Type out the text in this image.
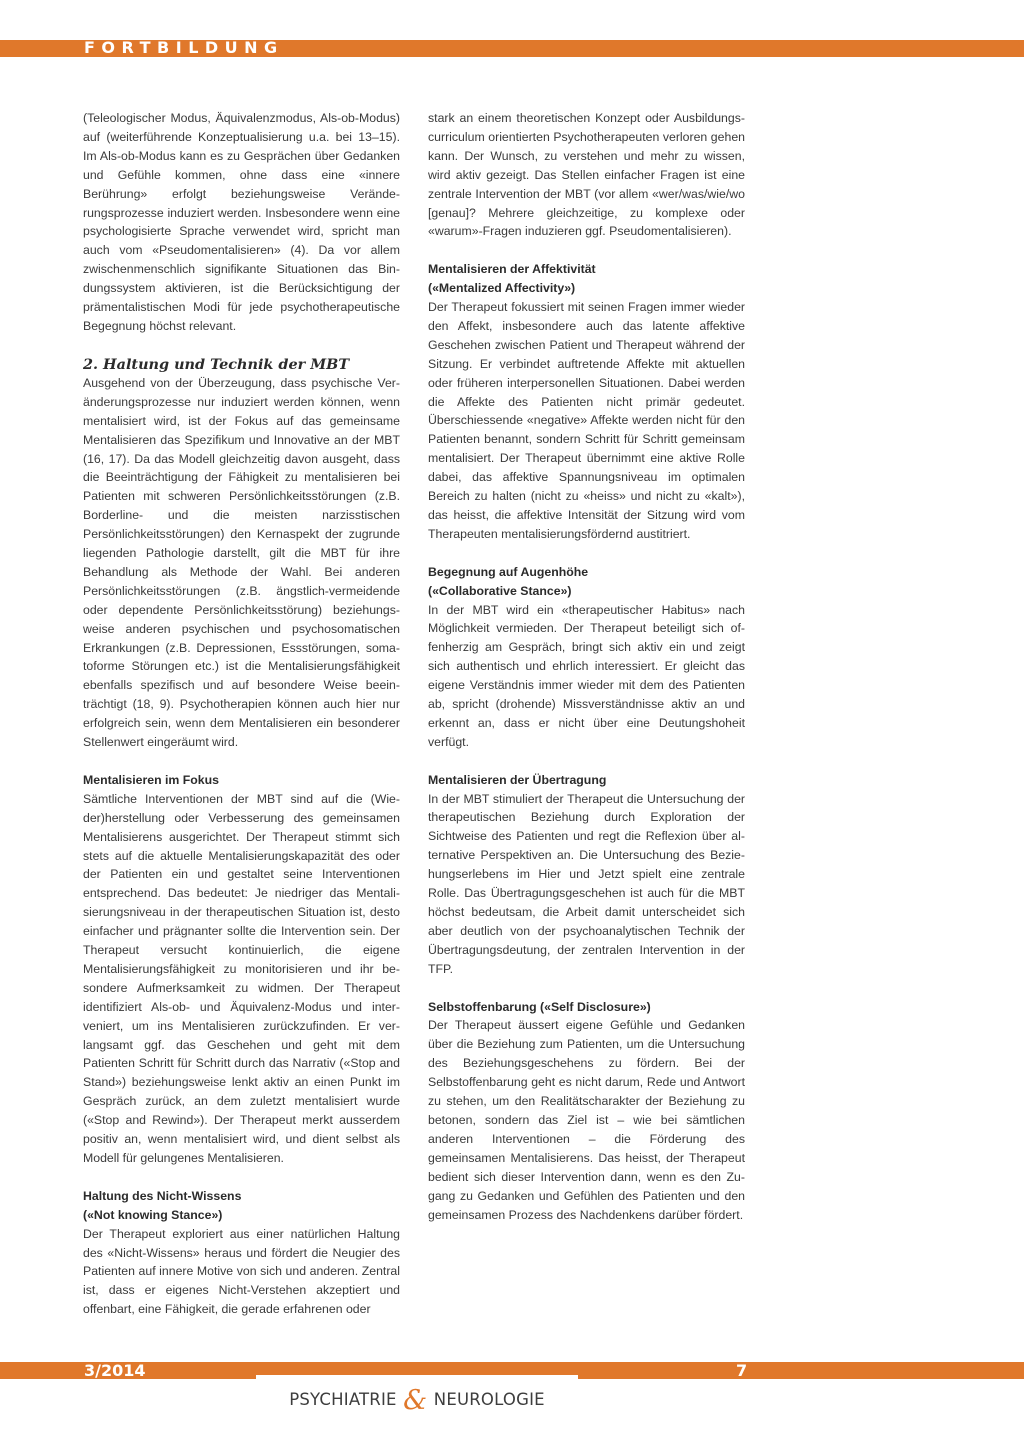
FORTBILDUNG

(Teleologischer Modus, Äquivalenzmodus, Als-ob-Modus) auf (weiterführende Konzeptualisierung u.a. bei 13–15). Im Als-ob-Modus kann es zu Gesprächen über Gedanken und Gefühle kommen, ohne dass eine «innere Berührung» erfolgt beziehungsweise Veränderungsprozesse induziert werden. Insbesondere wenn eine psychologisierte Sprache verwendet wird, spricht man auch vom «Pseudomentalisieren» (4). Da vor allem zwischenmenschlich signifikante Situationen das Bindungssystem aktivieren, ist die Berücksichtigung der prämentalistischen Modi für jede psychotherapeutische Begegnung höchst relevant.

2. Haltung und Technik der MBT

Ausgehend von der Überzeugung, dass psychische Veränderungsprozesse nur induziert werden können, wenn mentalisiert wird, ist der Fokus auf das gemeinsame Mentalisieren das Spezifikum und Innovative an der MBT (16, 17). Da das Modell gleichzeitig davon ausgeht, dass die Beeinträchtigung der Fähigkeit zu mentalisieren bei Patienten mit schweren Persönlichkeitsstörungen (z.B. Borderline- und die meisten narzisstischen Persönlichkeitsstörungen) den Kernaspekt der zugrunde liegenden Pathologie darstellt, gilt die MBT für ihre Behandlung als Methode der Wahl. Bei anderen Persönlichkeitsstörungen (z.B. ängstlich-vermeidende oder dependente Persönlichkeitsstörung) beziehungsweise anderen psychischen und psychosomatischen Erkrankungen (z.B. Depressionen, Essstörungen, somatoforme Störungen etc.) ist die Mentalisierungsfähigkeit ebenfalls spezifisch und auf besondere Weise beeinträchtigt (18, 9). Psychotherapien können auch hier nur erfolgreich sein, wenn dem Mentalisieren ein besonderer Stellenwert eingeräumt wird.

Mentalisieren im Fokus
Sämtliche Interventionen der MBT sind auf die (Wieder)herstellung oder Verbesserung des gemeinsamen Mentalisierens ausgerichtet. Der Therapeut stimmt sich stets auf die aktuelle Mentalisierungskapazität des oder der Patienten ein und gestaltet seine Interventionen entsprechend. Das bedeutet: Je niedriger das Mentalisierungsniveau in der therapeutischen Situation ist, desto einfacher und prägnanter sollte die Intervention sein. Der Therapeut versucht kontinuierlich, die eigene Mentalisierungsfähigkeit zu monitorisieren und ihr besondere Aufmerksamkeit zu widmen. Der Therapeut identifiziert Als-ob- und Äquivalenz-Modus und interveniert, um ins Mentalisieren zurückzufinden. Er verlangsamt ggf. das Geschehen und geht mit dem Patienten Schritt für Schritt durch das Narrativ («Stop and Stand») beziehungsweise lenkt aktiv an einen Punkt im Gespräch zurück, an dem zuletzt mentalisiert wurde («Stop and Rewind»). Der Therapeut merkt ausserdem positiv an, wenn mentalisiert wird, und dient selbst als Modell für gelungenes Mentalisieren.

Haltung des Nicht-Wissens
(«Not knowing Stance»)
Der Therapeut exploriert aus einer natürlichen Haltung des «Nicht-Wissens» heraus und fördert die Neugier des Patienten auf innere Motive von sich und anderen. Zentral ist, dass er eigenes Nicht-Verstehen akzeptiert und offenbart, eine Fähigkeit, die gerade erfahrenen oder

stark an einem theoretischen Konzept oder Ausbildungscurriculum orientierten Psychotherapeuten verloren gehen kann. Der Wunsch, zu verstehen und mehr zu wissen, wird aktiv gezeigt. Das Stellen einfacher Fragen ist eine zentrale Intervention der MBT (vor allem «wer/was/wie/wo [genau]? Mehrere gleichzeitige, zu komplexe oder «warum»-Fragen induzieren ggf. Pseudomentalisieren).

Mentalisieren der Affektivität
(«Mentalized Affectivity»)
Der Therapeut fokussiert mit seinen Fragen immer wieder den Affekt, insbesondere auch das latente affektive Geschehen zwischen Patient und Therapeut während der Sitzung. Er verbindet auftretende Affekte mit aktuellen oder früheren interpersonellen Situationen. Dabei werden die Affekte des Patienten nicht primär gedeutet. Überschiessende «negative» Affekte werden nicht für den Patienten benannt, sondern Schritt für Schritt gemeinsam mentalisiert. Der Therapeut übernimmt eine aktive Rolle dabei, das affektive Spannungsniveau im optimalen Bereich zu halten (nicht zu «heiss» und nicht zu «kalt»), das heisst, die affektive Intensität der Sitzung wird vom Therapeuten mentalisierungsfördernd austitriert.

Begegnung auf Augenhöhe
(«Collaborative Stance»)
In der MBT wird ein «therapeutischer Habitus» nach Möglichkeit vermieden. Der Therapeut beteiligt sich offenherzig am Gespräch, bringt sich aktiv ein und zeigt sich authentisch und ehrlich interessiert. Er gleicht das eigene Verständnis immer wieder mit dem des Patienten ab, spricht (drohende) Missverständnisse aktiv an und erkennt an, dass er nicht über eine Deutungshoheit verfügt.

Mentalisieren der Übertragung
In der MBT stimuliert der Therapeut die Untersuchung der therapeutischen Beziehung durch Exploration der Sichtweise des Patienten und regt die Reflexion über alternative Perspektiven an. Die Untersuchung des Beziehungserlebens im Hier und Jetzt spielt eine zentrale Rolle. Das Übertragungsgeschehen ist auch für die MBT höchst bedeutsam, die Arbeit damit unterscheidet sich aber deutlich von der psychoanalytischen Technik der Übertragungsdeutung, der zentralen Intervention in der TFP.

Selbstoffenbarung («Self Disclosure»)
Der Therapeut äussert eigene Gefühle und Gedanken über die Beziehung zum Patienten, um die Untersuchung des Beziehungsgeschehens zu fördern. Bei der Selbstoffenbarung geht es nicht darum, Rede und Antwort zu stehen, um den Realitätscharakter der Beziehung zu betonen, sondern das Ziel ist – wie bei sämtlichen anderen Interventionen – die Förderung des gemeinsamen Mentalisierens. Das heisst, der Therapeut bedient sich dieser Intervention dann, wenn es den Zugang zu Gedanken und Gefühlen des Patienten und den gemeinsamen Prozess des Nachdenkens darüber fördert.

3/2014	7

PSYCHIATRIE & NEUROLOGIE
